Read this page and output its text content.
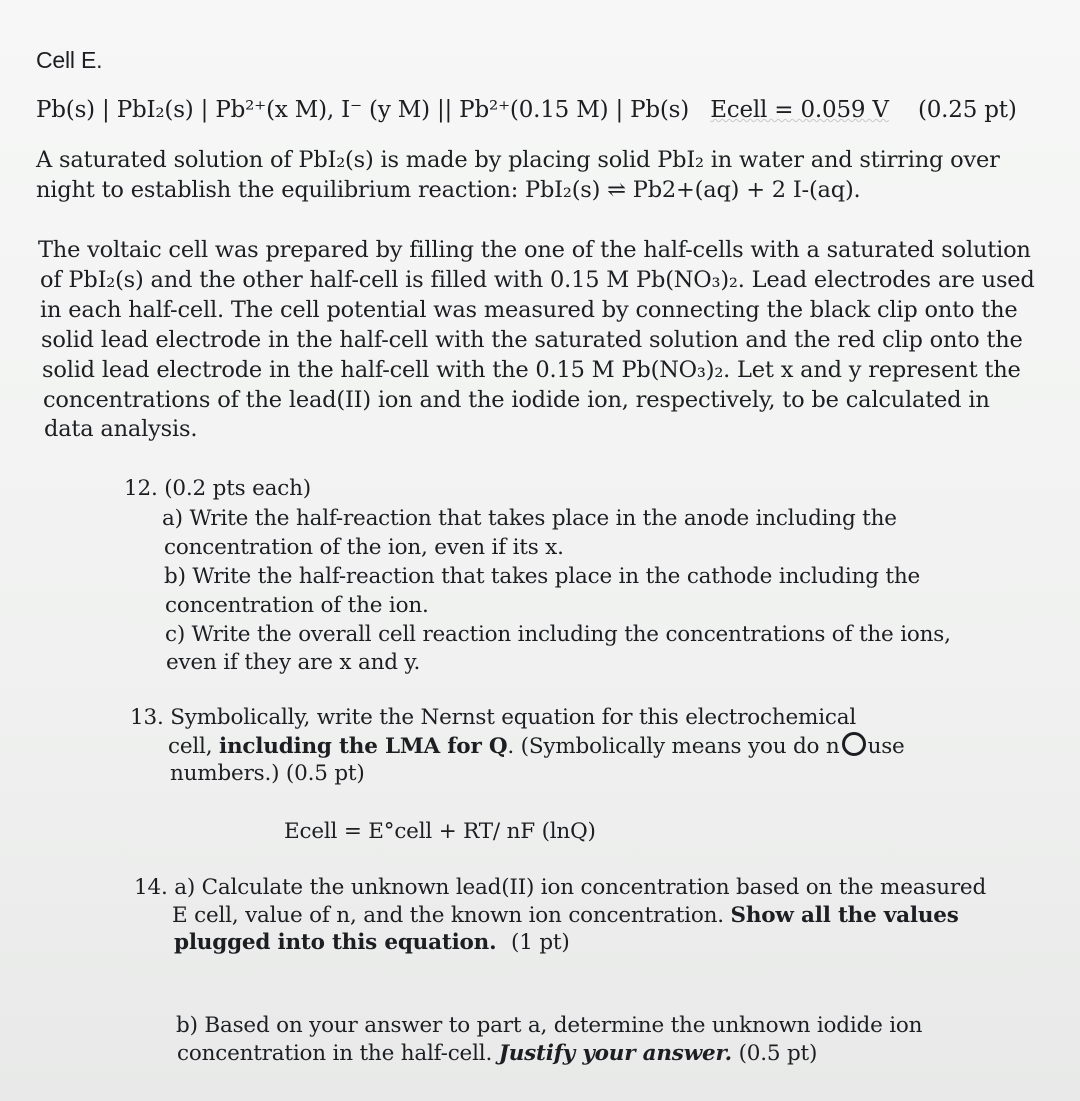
Cell E.
Pb(s) | PbI₂(s) | Pb²⁺(x M), I⁻ (y M) || Pb²⁺(0.15 M) | Pb(s) Ecell = 0.059 V (0.25 pt)
A saturated solution of PbI₂(s) is made by placing solid PbI₂ in water and stirring over
night to establish the equilibrium reaction: PbI₂(s) ⇌ Pb2+(aq) + 2 I-(aq).
The voltaic cell was prepared by filling the one of the half-cells with a saturated solution
of PbI₂(s) and the other half-cell is filled with 0.15 M Pb(NO₃)₂. Lead electrodes are used
in each half-cell. The cell potential was measured by connecting the black clip onto the
solid lead electrode in the half-cell with the saturated solution and the red clip onto the
solid lead electrode in the half-cell with the 0.15 M Pb(NO₃)₂. Let x and y represent the
concentrations of the lead(II) ion and the iodide ion, respectively, to be calculated in
data analysis.
12. (0.2 pts each)
a) Write the half-reaction that takes place in the anode including the
concentration of the ion, even if its x.
b) Write the half-reaction that takes place in the cathode including the
concentration of the ion.
c) Write the overall cell reaction including the concentrations of the ions,
even if they are x and y.
13. Symbolically, write the Nernst equation for this electrochemical
cell, including the LMA for Q. (Symbolically means you do n use
numbers.) (0.5 pt)
Ecell = E°cell + RT/ nF (lnQ)
14. a) Calculate the unknown lead(II) ion concentration based on the measured
E cell, value of n, and the known ion concentration. Show all the values
plugged into this equation. (1 pt)
b) Based on your answer to part a, determine the unknown iodide ion
concentration in the half-cell. Justify your answer. (0.5 pt)
